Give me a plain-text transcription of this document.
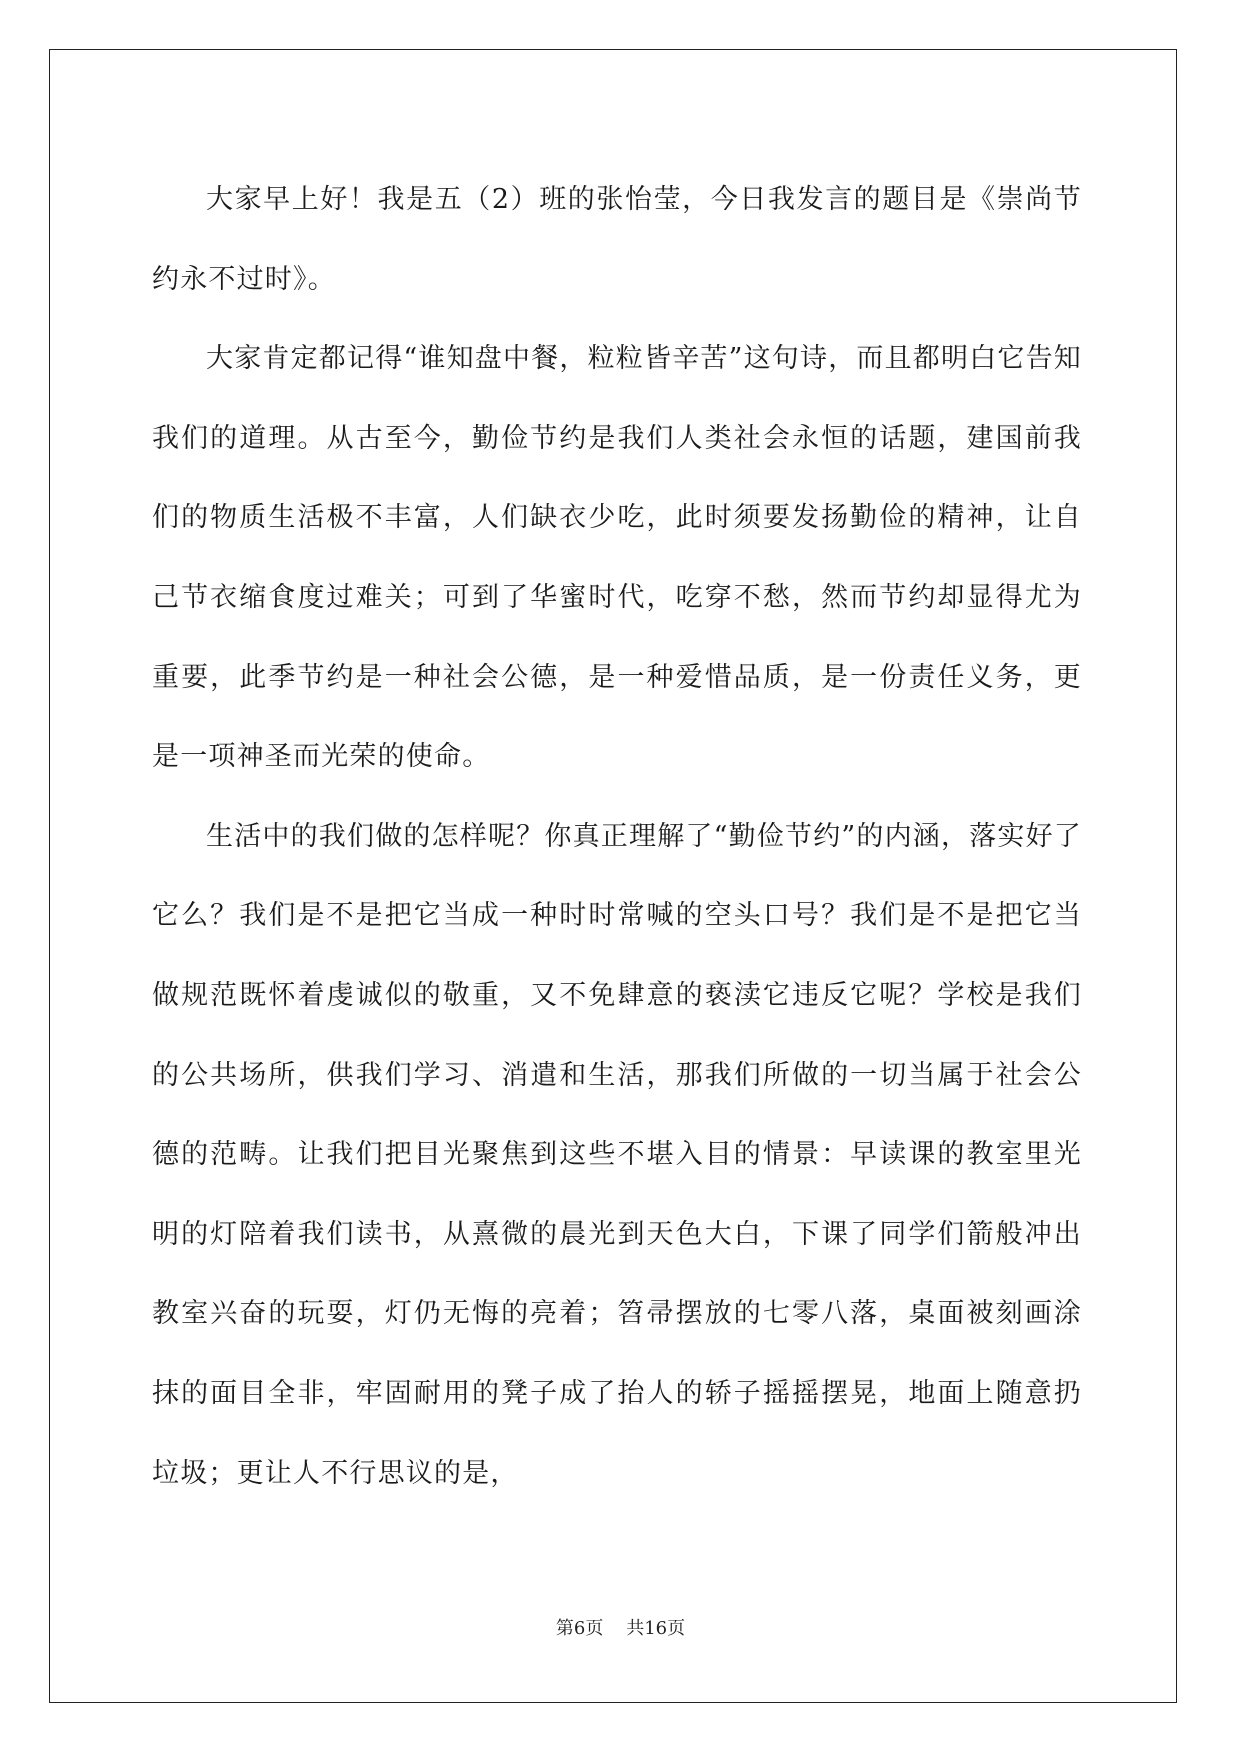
大家早上好！我是五（2）班的张怡莹，今日我发言的题目是《崇尚节约永不过时》。

大家肯定都记得“谁知盘中餐，粒粒皆辛苦”这句诗，而且都明白它告知我们的道理。从古至今，勤俭节约是我们人类社会永恒的话题，建国前我们的物质生活极不丰富，人们缺衣少吃，此时须要发扬勤俭的精神，让自己节衣缩食度过难关；可到了华蜜时代，吃穿不愁，然而节约却显得尤为重要，此季节约是一种社会公德，是一种爱惜品质，是一份责任义务，更是一项神圣而光荣的使命。

生活中的我们做的怎样呢？你真正理解了“勤俭节约”的内涵，落实好了它么？我们是不是把它当成一种时时常喊的空头口号？我们是不是把它当做规范既怀着虔诚似的敬重，又不免肆意的亵渎它违反它呢？学校是我们的公共场所，供我们学习、消遣和生活，那我们所做的一切当属于社会公德的范畴。让我们把目光聚焦到这些不堪入目的情景：早读课的教室里光明的灯陪着我们读书，从熹微的晨光到天色大白，下课了同学们箭般冲出教室兴奋的玩耍，灯仍无悔的亮着；笤帚摆放的七零八落，桌面被刻画涂抹的面目全非，牢固耐用的凳子成了抬人的轿子摇摇摆晃，地面上随意扔垃圾；更让人不行思议的是，

第6页 共16页
